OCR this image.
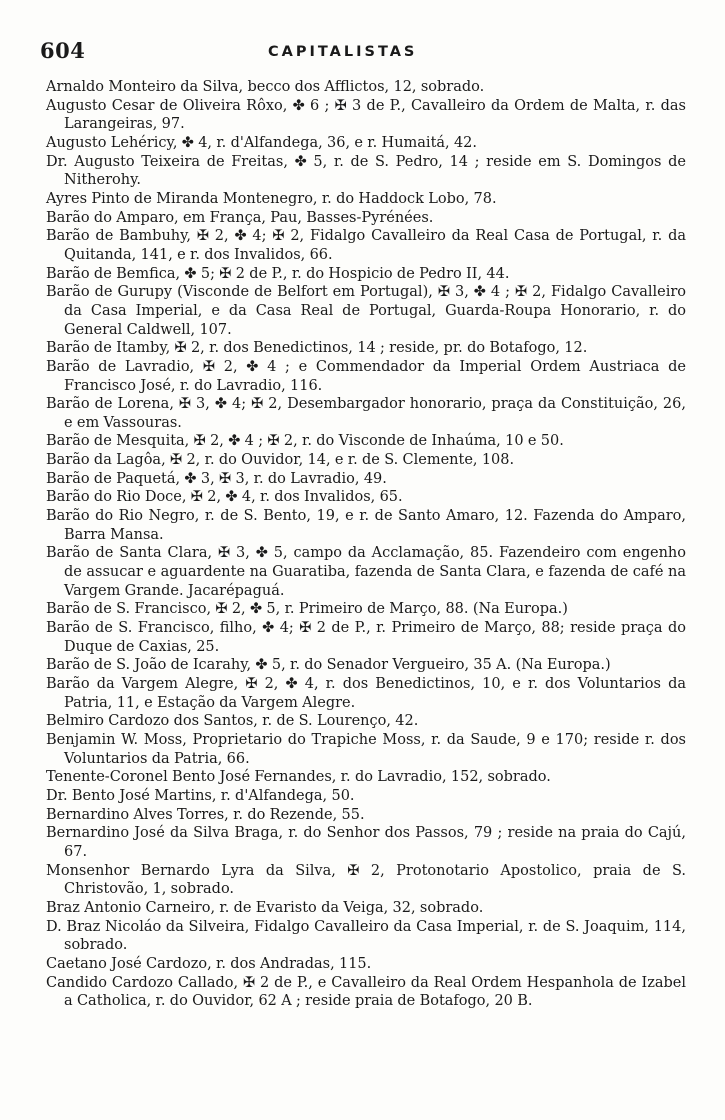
604	CAPITALISTAS
Arnaldo Monteiro da Silva, becco dos Afflictos, 12, sobrado.
Augusto Cesar de Oliveira Rôxo, ✤ 6 ; ✠ 3 de P., Cavalleiro da Ordem de Malta, r. das Larangeiras, 97.
Augusto Lehéricy, ✤ 4, r. d'Alfandega, 36, e r. Humaitá, 42.
Dr. Augusto Teixeira de Freitas, ✤ 5, r. de S. Pedro, 14 ; reside em S. Domingos de Nitherohy.
Ayres Pinto de Miranda Montenegro, r. do Haddock Lobo, 78.
Barão do Amparo, em França, Pau, Basses-Pyrénées.
Barão de Bambuhy, ✠ 2, ✤ 4; ✠ 2, Fidalgo Cavalleiro da Real Casa de Portugal, r. da Quitanda, 141, e r. dos Invalidos, 66.
Barão de Bemfica, ✤ 5; ✠ 2 de P., r. do Hospicio de Pedro II, 44.
Barão de Gurupy (Visconde de Belfort em Portugal), ✠ 3, ✤ 4 ; ✠ 2, Fidalgo Cavalleiro da Casa Imperial, e da Casa Real de Portugal, Guarda-Roupa Honorario, r. do General Caldwell, 107.
Barão de Itamby, ✠ 2, r. dos Benedictinos, 14 ; reside, pr. do Botafogo, 12.
Barão de Lavradio, ✠ 2, ✤ 4 ; e Commendador da Imperial Ordem Austriaca de Francisco José, r. do Lavradio, 116.
Barão de Lorena, ✠ 3, ✤ 4; ✠ 2, Desembargador honorario, praça da Constituição, 26, e em Vassouras.
Barão de Mesquita, ✠ 2, ✤ 4 ; ✠ 2, r. do Visconde de Inhaúma, 10 e 50.
Barão da Lagôa, ✠ 2, r. do Ouvidor, 14, e r. de S. Clemente, 108.
Barão de Paquetá, ✤ 3, ✠ 3, r. do Lavradio, 49.
Barão do Rio Doce, ✠ 2, ✤ 4, r. dos Invalidos, 65.
Barão do Rio Negro, r. de S. Bento, 19, e r. de Santo Amaro, 12. Fazenda do Amparo, Barra Mansa.
Barão de Santa Clara, ✠ 3, ✤ 5, campo da Acclamação, 85. Fazendeiro com engenho de assucar e aguardente na Guaratiba, fazenda de Santa Clara, e fazenda de café na Vargem Grande. Jacarépaguá.
Barão de S. Francisco, ✠ 2, ✤ 5, r. Primeiro de Março, 88. (Na Europa.)
Barão de S. Francisco, filho, ✤ 4; ✠ 2 de P., r. Primeiro de Março, 88; reside praça do Duque de Caxias, 25.
Barão de S. João de Icarahy, ✤ 5, r. do Senador Vergueiro, 35 A. (Na Europa.)
Barão da Vargem Alegre, ✠ 2, ✤ 4, r. dos Benedictinos, 10, e r. dos Voluntarios da Patria, 11, e Estação da Vargem Alegre.
Belmiro Cardozo dos Santos, r. de S. Lourenço, 42.
Benjamin W. Moss, Proprietario do Trapiche Moss, r. da Saude, 9 e 170; reside r. dos Voluntarios da Patria, 66.
Tenente-Coronel Bento José Fernandes, r. do Lavradio, 152, sobrado.
Dr. Bento José Martins, r. d'Alfandega, 50.
Bernardino Alves Torres, r. do Rezende, 55.
Bernardino José da Silva Braga, r. do Senhor dos Passos, 79 ; reside na praia do Cajú, 67.
Monsenhor Bernardo Lyra da Silva, ✠ 2, Protonotario Apostolico, praia de S. Christovão, 1, sobrado.
Braz Antonio Carneiro, r. de Evaristo da Veiga, 32, sobrado.
D. Braz Nicoláo da Silveira, Fidalgo Cavalleiro da Casa Imperial, r. de S. Joaquim, 114, sobrado.
Caetano José Cardozo, r. dos Andradas, 115.
Candido Cardozo Callado, ✠ 2 de P., e Cavalleiro da Real Ordem Hespanhola de Izabel a Catholica, r. do Ouvidor, 62 A ; reside praia de Botafogo, 20 B.
